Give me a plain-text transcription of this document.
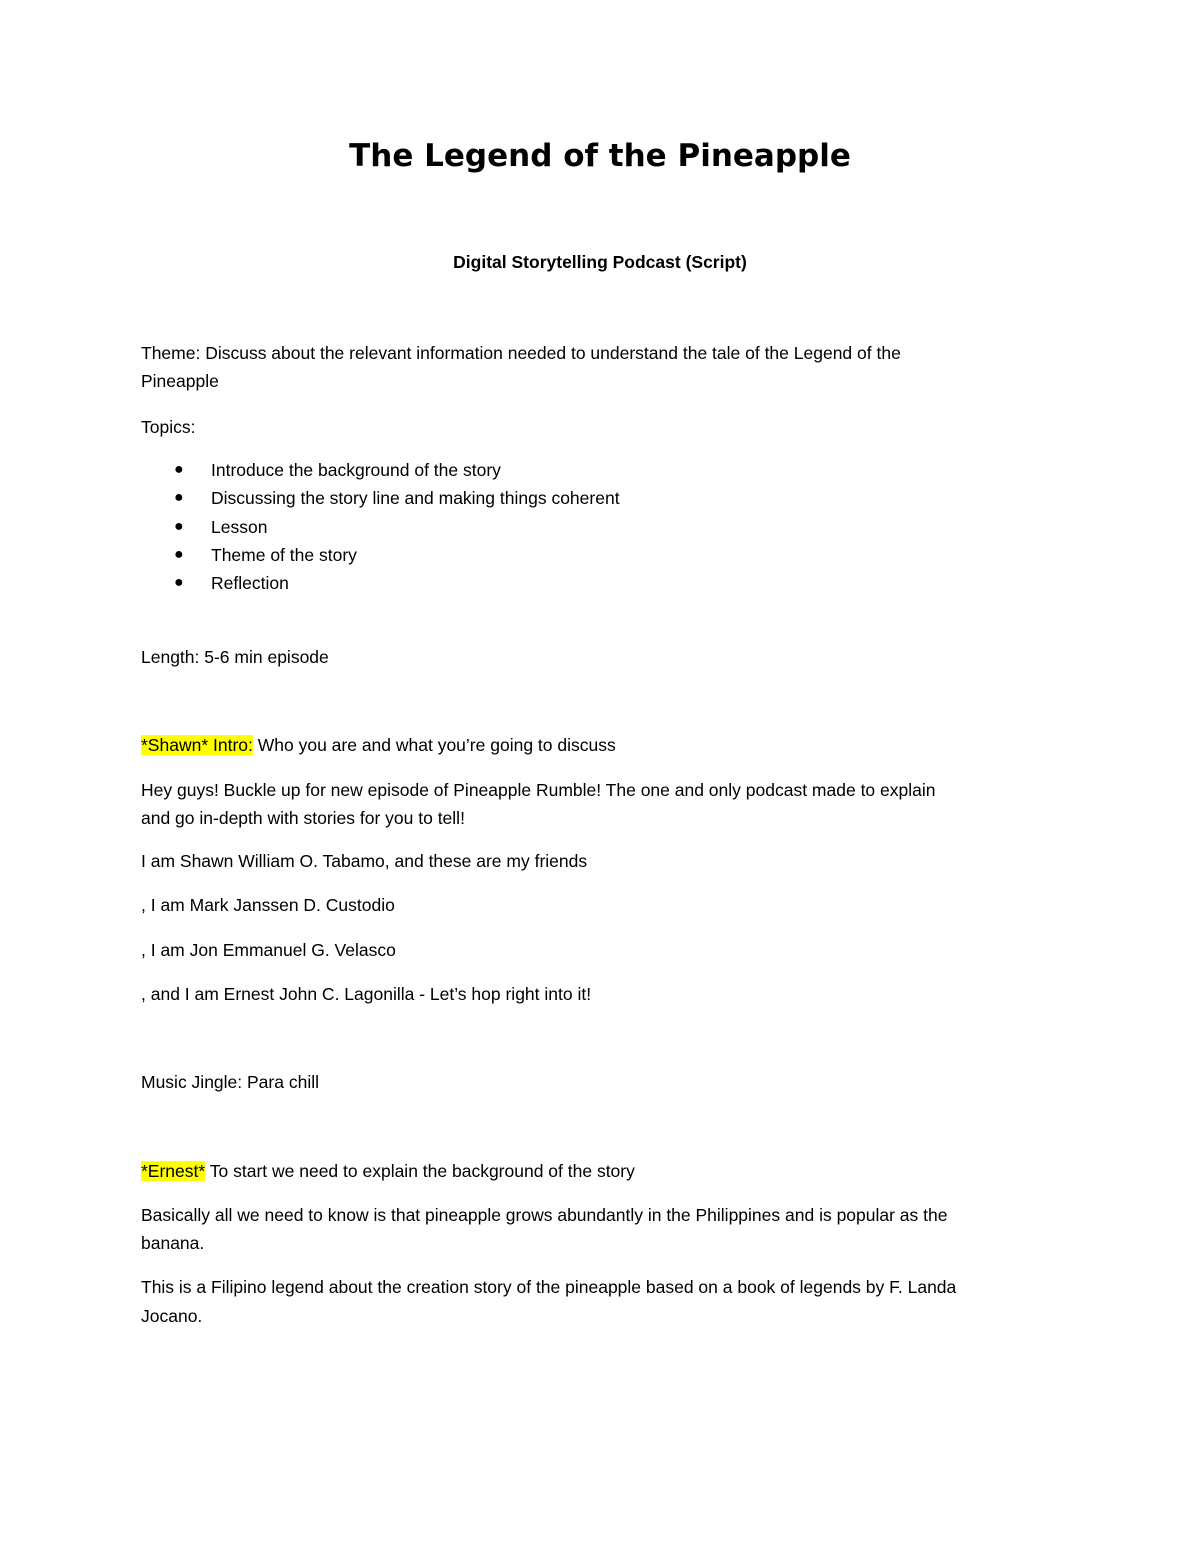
The Legend of the Pineapple
Digital Storytelling Podcast (Script)
Theme: Discuss about the relevant information needed to understand the tale of the Legend of the
Pineapple
Topics:
● Introduce the background of the story
● Discussing the story line and making things coherent
● Lesson
● Theme of the story
● Reflection
Length: 5-6 min episode
*Shawn* Intro: Who you are and what you’re going to discuss
Hey guys! Buckle up for new episode of Pineapple Rumble! The one and only podcast made to explain
and go in-depth with stories for you to tell!
I am Shawn William O. Tabamo, and these are my friends
, I am Mark Janssen D. Custodio
, I am Jon Emmanuel G. Velasco
, and I am Ernest John C. Lagonilla - Let’s hop right into it!
Music Jingle: Para chill
*Ernest* To start we need to explain the background of the story
Basically all we need to know is that pineapple grows abundantly in the Philippines and is popular as the
banana.
This is a Filipino legend about the creation story of the pineapple based on a book of legends by F. Landa
Jocano.
